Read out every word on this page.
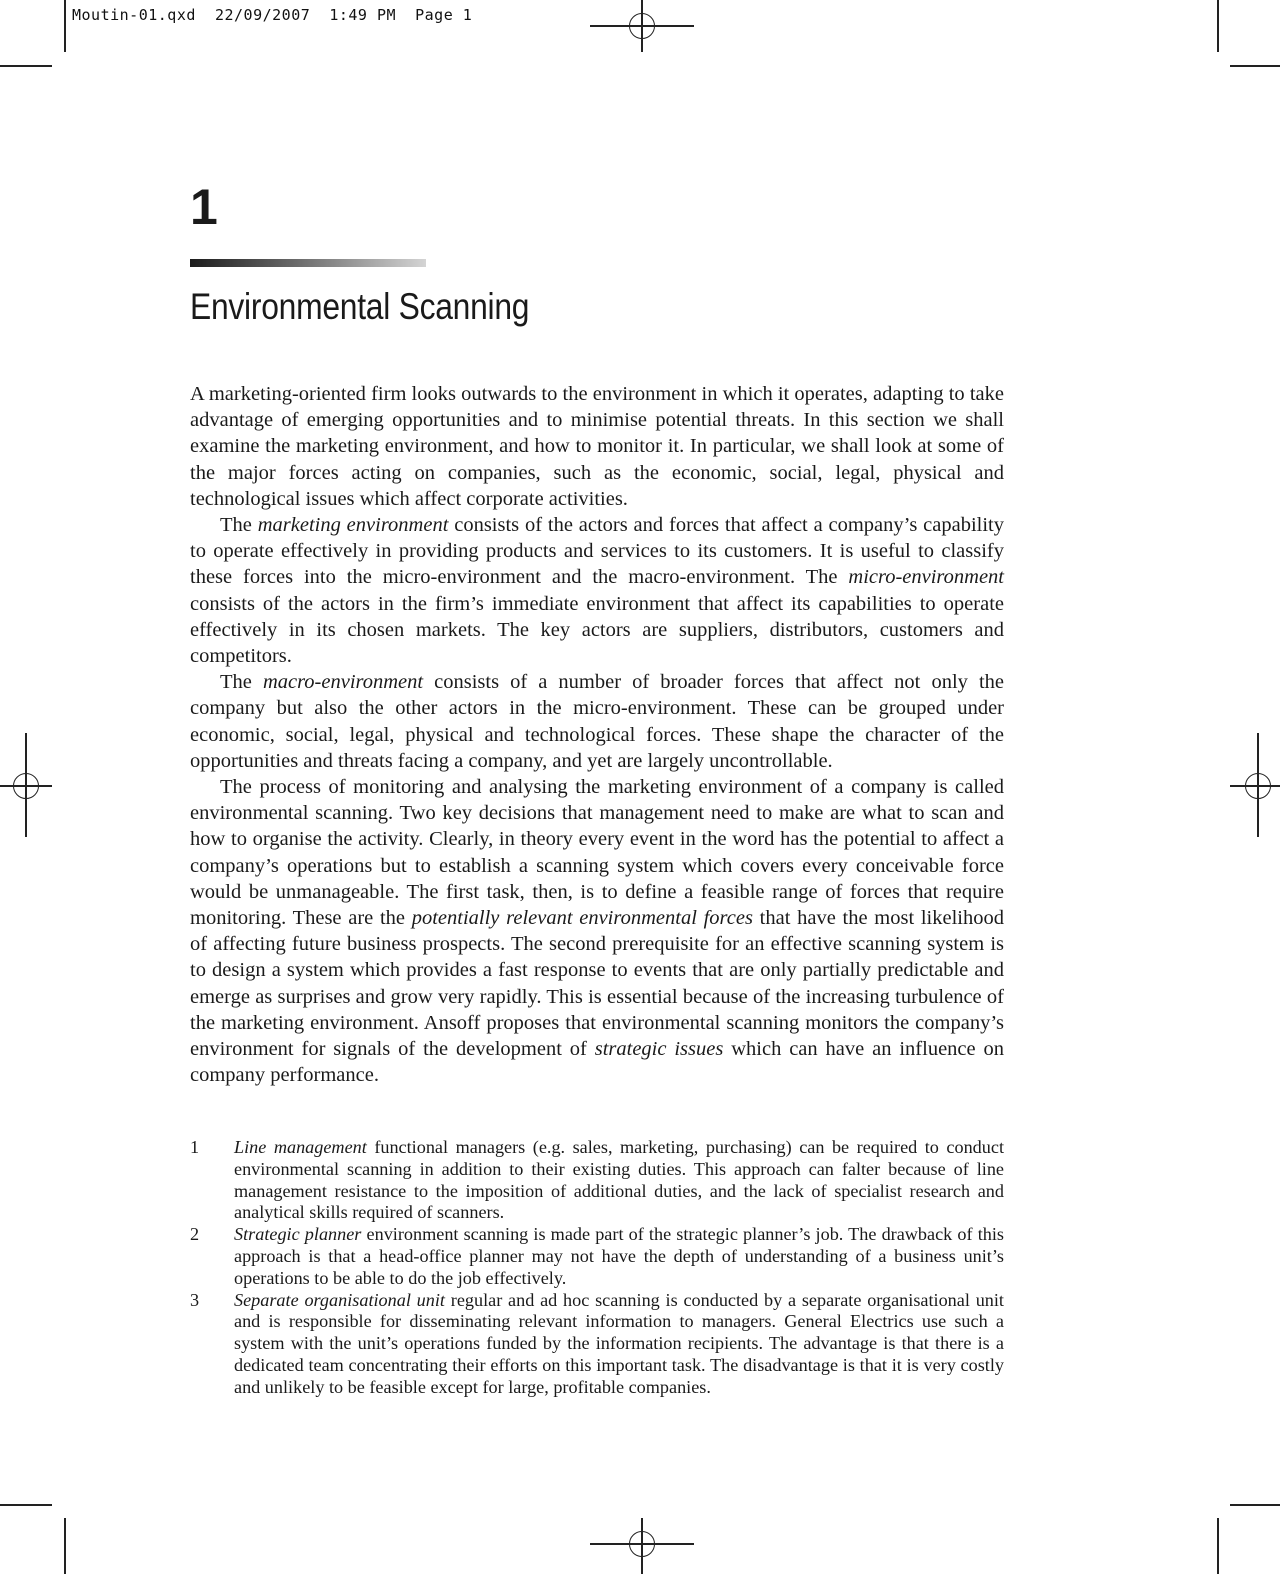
Moutin-01.qxd  22/09/2007  1:49 PM  Page 1
1
Environmental Scanning

A marketing-oriented firm looks outwards to the environment in which it operates, adapting to take advantage of emerging opportunities and to minimise potential threats. In this section we shall examine the marketing environment, and how to monitor it. In particular, we shall look at some of the major forces acting on companies, such as the economic, social, legal, physical and technological issues which affect corporate activities.

The marketing environment consists of the actors and forces that affect a company’s capability to operate effectively in providing products and services to its customers. It is useful to classify these forces into the micro-environment and the macro-environment. The micro-environment consists of the actors in the firm’s immediate environment that affect its capabilities to operate effectively in its chosen markets. The key actors are suppliers, distributors, customers and competitors.

The macro-environment consists of a number of broader forces that affect not only the company but also the other actors in the micro-environment. These can be grouped under economic, social, legal, physical and technological forces. These shape the character of the opportunities and threats facing a company, and yet are largely uncontrollable.

The process of monitoring and analysing the marketing environment of a company is called environmental scanning. Two key decisions that management need to make are what to scan and how to organise the activity. Clearly, in theory every event in the word has the potential to affect a company’s operations but to establish a scanning system which covers every conceivable force would be unmanageable. The first task, then, is to define a feasible range of forces that require monitoring. These are the potentially relevant environmental forces that have the most likelihood of affecting future business prospects. The second prerequisite for an effective scanning system is to design a system which provides a fast response to events that are only partially predictable and emerge as surprises and grow very rapidly. This is essential because of the increasing turbulence of the marketing environment. Ansoff proposes that environmental scanning monitors the company’s environment for signals of the development of strategic issues which can have an influence on company performance.

1 Line management functional managers (e.g. sales, marketing, purchasing) can be required to conduct environmental scanning in addition to their existing duties. This approach can falter because of line management resistance to the imposition of additional duties, and the lack of specialist research and analytical skills required of scanners.
2 Strategic planner environment scanning is made part of the strategic planner’s job. The drawback of this approach is that a head-office planner may not have the depth of understanding of a business unit’s operations to be able to do the job effectively.
3 Separate organisational unit regular and ad hoc scanning is conducted by a separate organisational unit and is responsible for disseminating relevant information to managers. General Electrics use such a system with the unit’s operations funded by the information recipients. The advantage is that there is a dedicated team concentrating their efforts on this important task. The disadvantage is that it is very costly and unlikely to be feasible except for large, profitable companies.
